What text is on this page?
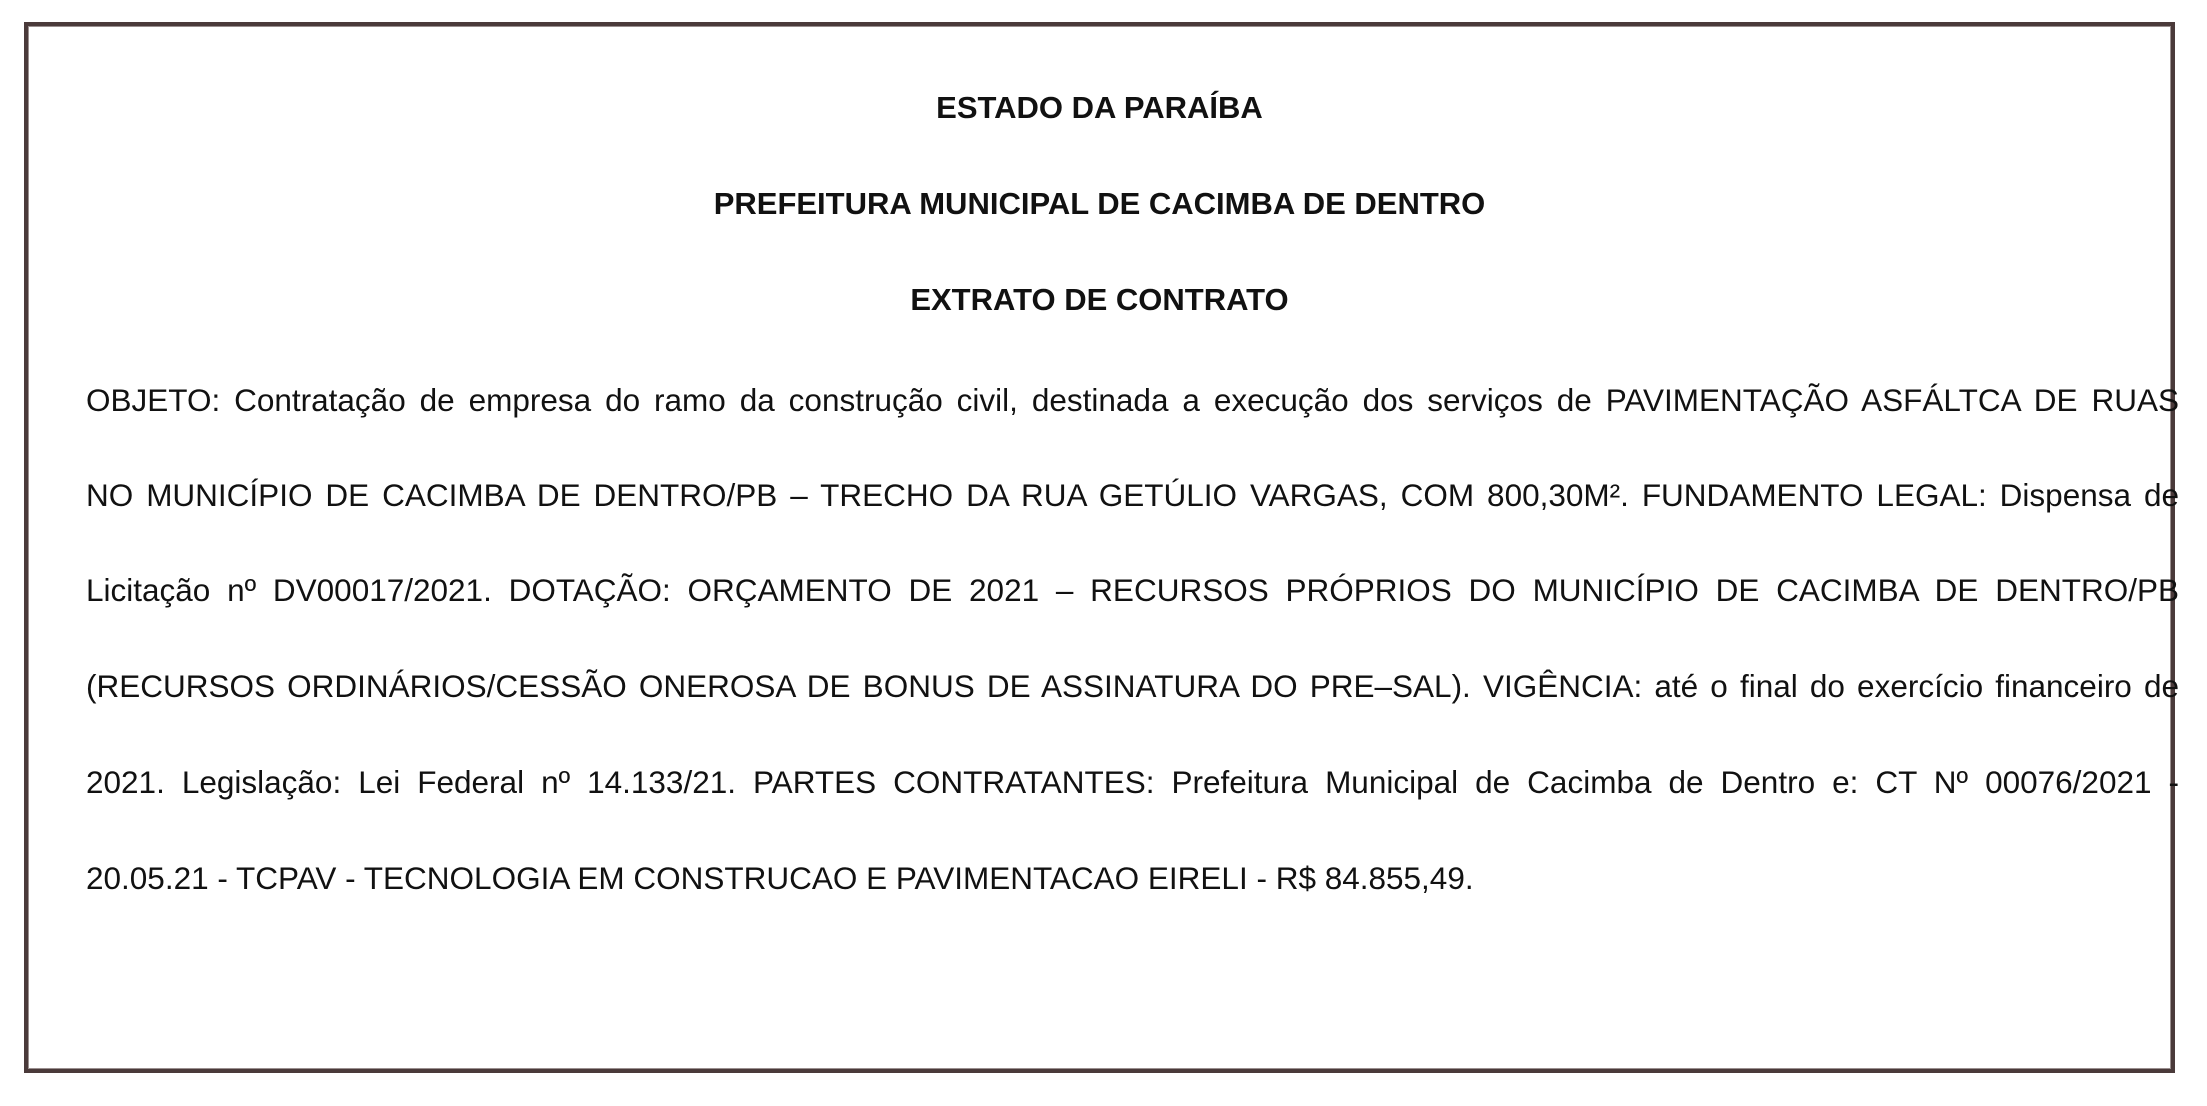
ESTADO DA PARAÍBA

PREFEITURA MUNICIPAL DE CACIMBA DE DENTRO

EXTRATO DE CONTRATO

OBJETO: Contratação de empresa do ramo da construção civil, destinada a execução dos serviços de PAVIMENTAÇÃO ASFÁLTCA DE RUAS
NO MUNICÍPIO DE CACIMBA DE DENTRO/PB – TRECHO DA RUA GETÚLIO VARGAS, COM 800,30M². FUNDAMENTO LEGAL: Dispensa de
Licitação nº DV00017/2021. DOTAÇÃO: ORÇAMENTO DE 2021 – RECURSOS PRÓPRIOS DO MUNICÍPIO DE CACIMBA DE DENTRO/PB
(RECURSOS ORDINÁRIOS/CESSÃO ONEROSA DE BONUS DE ASSINATURA DO PRE–SAL). VIGÊNCIA: até o final do exercício financeiro de
2021. Legislação: Lei Federal nº 14.133/21. PARTES CONTRATANTES: Prefeitura Municipal de Cacimba de Dentro e: CT Nº 00076/2021 -
20.05.21 - TCPAV - TECNOLOGIA EM CONSTRUCAO E PAVIMENTACAO EIRELI - R$ 84.855,49.
